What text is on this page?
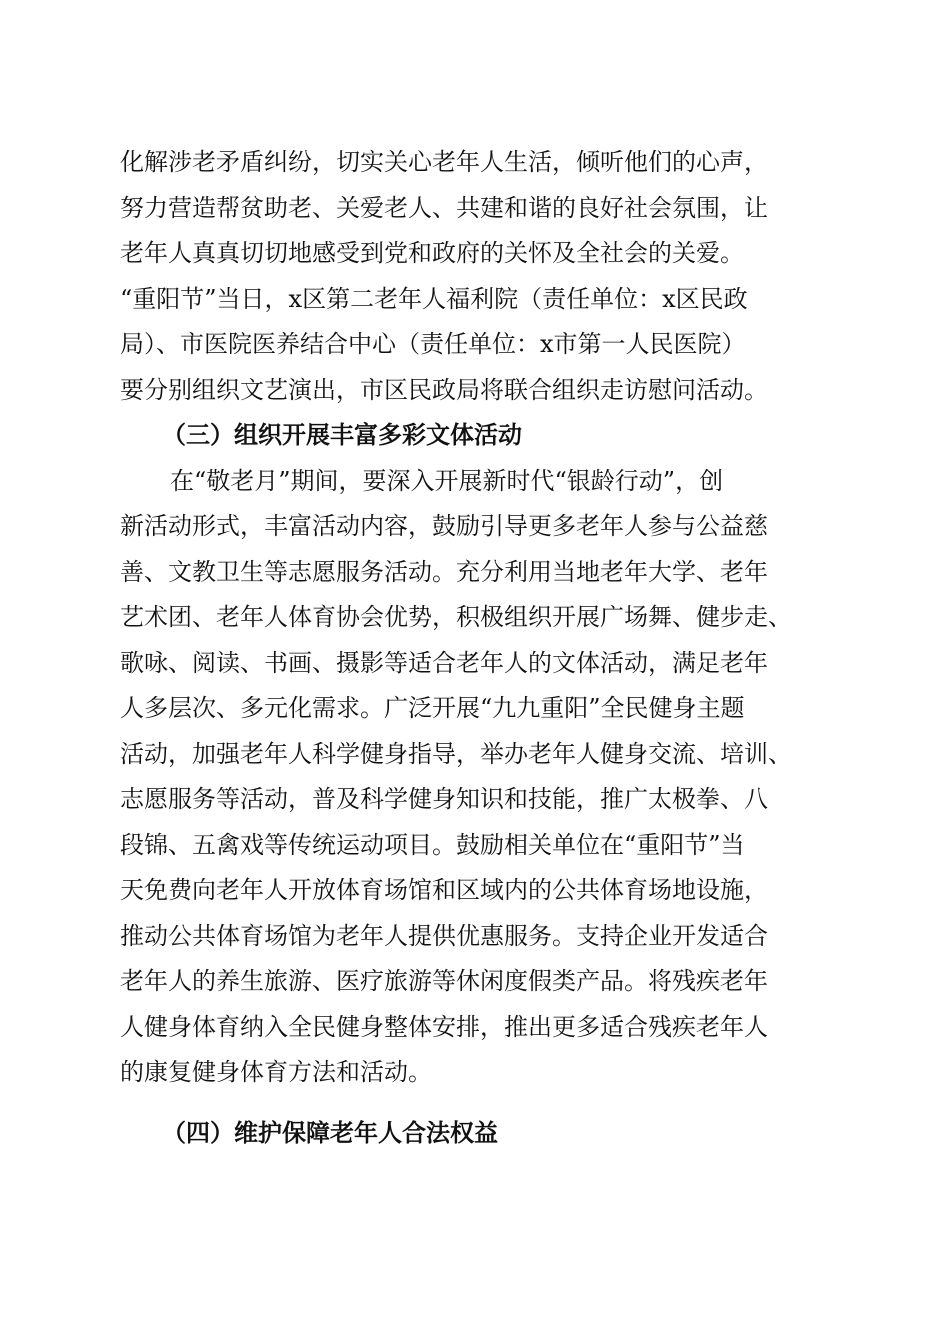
化解涉老矛盾纠纷，切实关心老年人生活，倾听他们的心声，
努力营造帮贫助老、关爱老人、共建和谐的良好社会氛围，让
老年人真真切切地感受到党和政府的关怀及全社会的关爱。
“重阳节”当日，x区第二老年人福利院（责任单位：x区民政
局）、市医院医养结合中心（责任单位：x市第一人民医院）
要分别组织文艺演出，市区民政局将联合组织走访慰问活动。
（三）组织开展丰富多彩文体活动
在“敬老月”期间，要深入开展新时代“银龄行动”，创
新活动形式，丰富活动内容，鼓励引导更多老年人参与公益慈
善、文教卫生等志愿服务活动。充分利用当地老年大学、老年
艺术团、老年人体育协会优势，积极组织开展广场舞、健步走、
歌咏、阅读、书画、摄影等适合老年人的文体活动，满足老年
人多层次、多元化需求。广泛开展“九九重阳”全民健身主题
活动，加强老年人科学健身指导，举办老年人健身交流、培训、
志愿服务等活动，普及科学健身知识和技能，推广太极拳、八
段锦、五禽戏等传统运动项目。鼓励相关单位在“重阳节”当
天免费向老年人开放体育场馆和区域内的公共体育场地设施，
推动公共体育场馆为老年人提供优惠服务。支持企业开发适合
老年人的养生旅游、医疗旅游等休闲度假类产品。将残疾老年
人健身体育纳入全民健身整体安排，推出更多适合残疾老年人
的康复健身体育方法和活动。
（四）维护保障老年人合法权益
